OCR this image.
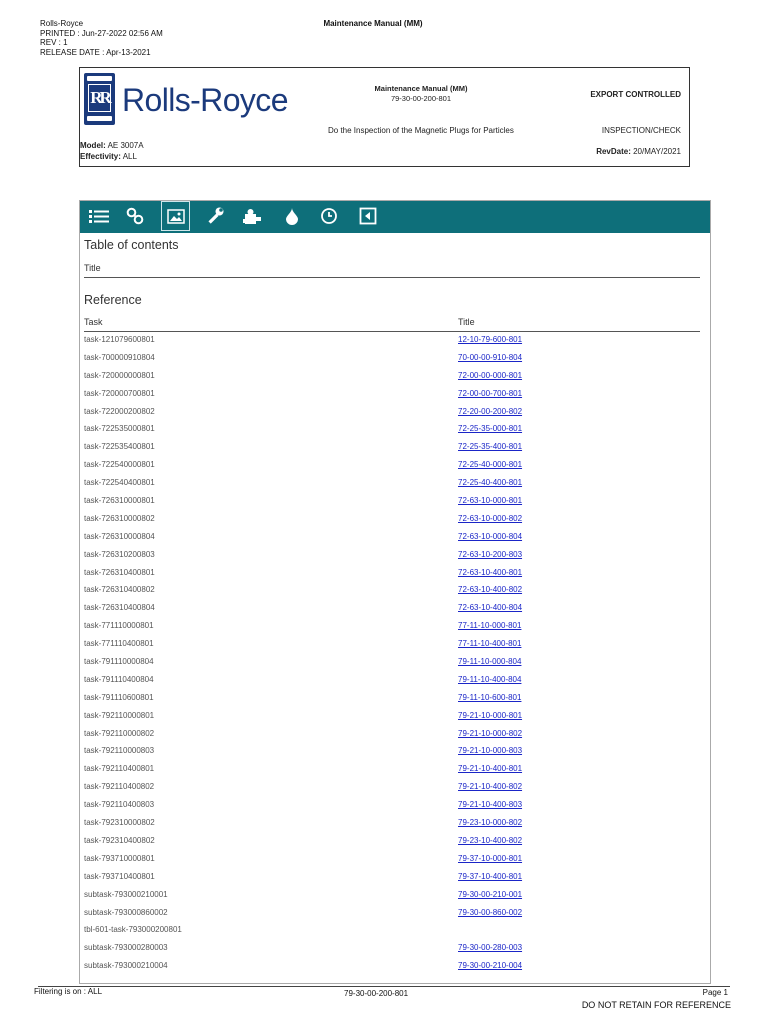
Rolls-Royce
PRINTED : Jun-27-2022 02:56 AM
REV : 1
RELEASE DATE : Apr-13-2021
Maintenance Manual (MM)
RR Rolls-Royce	Maintenance Manual (MM)
79-30-00-200-801	EXPORT CONTROLLED
Do the Inspection of the Magnetic Plugs for Particles	INSPECTION/CHECK
Model: AE 3007A
Effectivity: ALL	RevDate: 20/MAY/2021
Table of contents
Title
Reference
Task	Title
task-121079600801	12-10-79-600-801
task-700000910804	70-00-00-910-804
task-720000000801	72-00-00-000-801
task-720000700801	72-00-00-700-801
task-722000200802	72-20-00-200-802
task-722535000801	72-25-35-000-801
task-722535400801	72-25-35-400-801
task-722540000801	72-25-40-000-801
task-722540400801	72-25-40-400-801
task-726310000801	72-63-10-000-801
task-726310000802	72-63-10-000-802
task-726310000804	72-63-10-000-804
task-726310200803	72-63-10-200-803
task-726310400801	72-63-10-400-801
task-726310400802	72-63-10-400-802
task-726310400804	72-63-10-400-804
task-771110000801	77-11-10-000-801
task-771110400801	77-11-10-400-801
task-791110000804	79-11-10-000-804
task-791110400804	79-11-10-400-804
task-791110600801	79-11-10-600-801
task-792110000801	79-21-10-000-801
task-792110000802	79-21-10-000-802
task-792110000803	79-21-10-000-803
task-792110400801	79-21-10-400-801
task-792110400802	79-21-10-400-802
task-792110400803	79-21-10-400-803
task-792310000802	79-23-10-000-802
task-792310400802	79-23-10-400-802
task-793710000801	79-37-10-000-801
task-793710400801	79-37-10-400-801
subtask-793000210001	79-30-00-210-001
subtask-793000860002	79-30-00-860-002
tbl-601-task-793000200801
subtask-793000280003	79-30-00-280-003
subtask-793000210004	79-30-00-210-004
Filtering is on : ALL	79-30-00-200-801	Page 1
DO NOT RETAIN FOR REFERENCE
